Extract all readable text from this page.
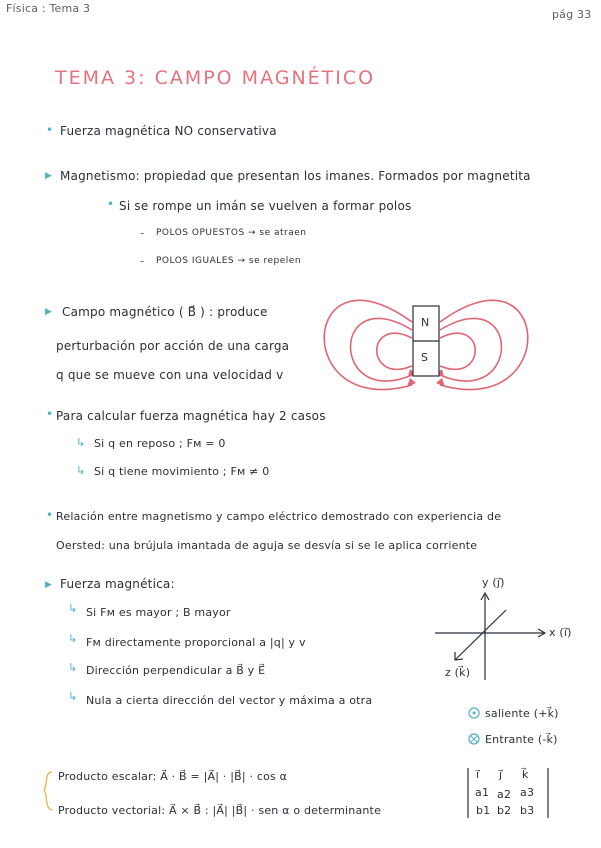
Física : Tema 3	pág 33
TEMA 3: CAMPO MAGNÉTICO
• Fuerza magnética NO conservativa
▶ Magnetismo: propiedad que presentan los imanes. Formados por magnetita
• Si se rompe un imán se vuelven a formar polos
- POLOS OPUESTOS → se atraen
- POLOS IGUALES → se repelen
▶ Campo magnético ( B⃗ ) : produce
perturbación por acción de una carga
q que se mueve con una velocidad v
N
S
• Para calcular fuerza magnética hay 2 casos
↳ Si q en reposo ; Fм = 0
↳ Si q tiene movimiento ; Fм ≠ 0
• Relación entre magnetismo y campo eléctrico demostrado con experiencia de
Oersted: una brújula imantada de aguja se desvía si se le aplica corriente
▶ Fuerza magnética:
↳ Si Fм es mayor ; B mayor
↳ Fм directamente proporcional a |q| y v
↳ Dirección perpendicular a B⃗ y E⃗
↳ Nula a cierta dirección del vector y máxima a otra
y (j⃗)
x (i⃗)
z (k⃗)
saliente (+k⃗)
Entrante (-k⃗)
Producto escalar: A⃗ · B⃗ = |A⃗| · |B⃗| · cos α
Producto vectorial: A⃗ × B⃗ : |A⃗| |B⃗| · sen α o determinante
i⃗ j⃗ k⃗
a1 a2 a3
b1 b2 b3
